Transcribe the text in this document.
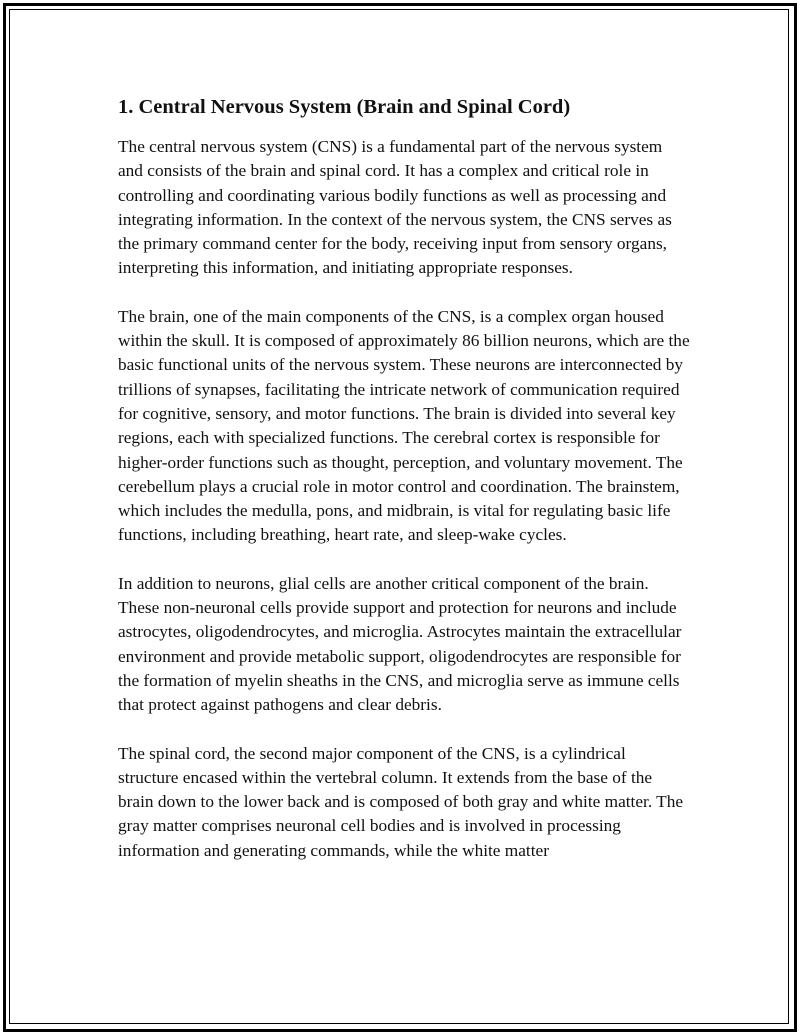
1. Central Nervous System (Brain and Spinal Cord)

The central nervous system (CNS) is a fundamental part of the nervous system and consists of the brain and spinal cord. It has a complex and critical role in controlling and coordinating various bodily functions as well as processing and integrating information. In the context of the nervous system, the CNS serves as the primary command center for the body, receiving input from sensory organs, interpreting this information, and initiating appropriate responses.

The brain, one of the main components of the CNS, is a complex organ housed within the skull. It is composed of approximately 86 billion neurons, which are the basic functional units of the nervous system. These neurons are interconnected by trillions of synapses, facilitating the intricate network of communication required for cognitive, sensory, and motor functions. The brain is divided into several key regions, each with specialized functions. The cerebral cortex is responsible for higher-order functions such as thought, perception, and voluntary movement. The cerebellum plays a crucial role in motor control and coordination. The brainstem, which includes the medulla, pons, and midbrain, is vital for regulating basic life functions, including breathing, heart rate, and sleep-wake cycles.

In addition to neurons, glial cells are another critical component of the brain. These non-neuronal cells provide support and protection for neurons and include astrocytes, oligodendrocytes, and microglia. Astrocytes maintain the extracellular environment and provide metabolic support, oligodendrocytes are responsible for the formation of myelin sheaths in the CNS, and microglia serve as immune cells that protect against pathogens and clear debris.

The spinal cord, the second major component of the CNS, is a cylindrical structure encased within the vertebral column. It extends from the base of the brain down to the lower back and is composed of both gray and white matter. The gray matter comprises neuronal cell bodies and is involved in processing information and generating commands, while the white matter
